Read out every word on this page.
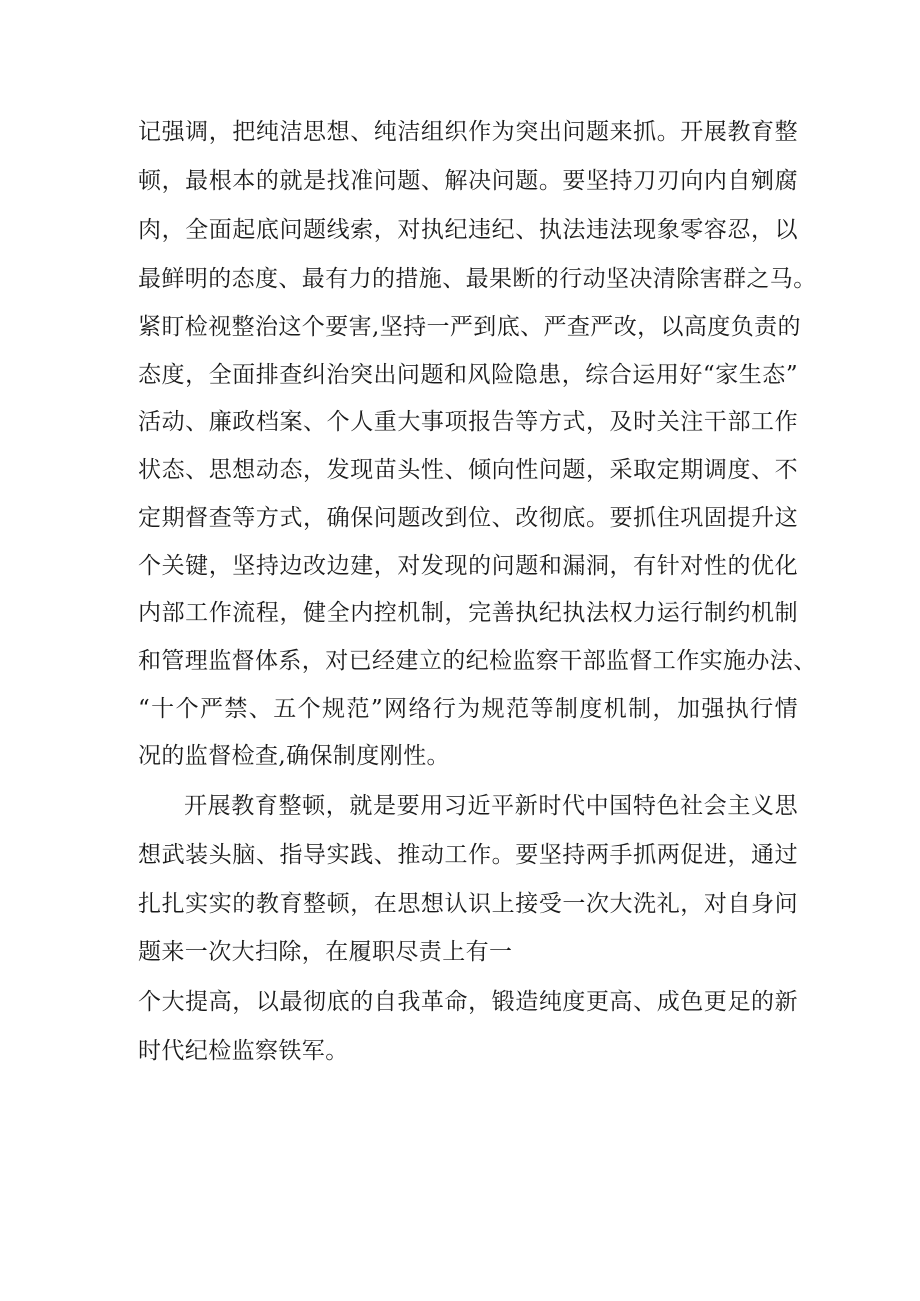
记强调，把纯洁思想、纯洁组织作为突出问题来抓。开展教育整
顿，最根本的就是找准问题、解决问题。要坚持刀刃向内自剜腐
肉，全面起底问题线索，对执纪违纪、执法违法现象零容忍，以
最鲜明的态度、最有力的措施、最果断的行动坚决清除害群之马。
紧盯检视整治这个要害,坚持一严到底、严查严改，以高度负责的
态度，全面排查纠治突出问题和风险隐患，综合运用好“家生态”
活动、廉政档案、个人重大事项报告等方式，及时关注干部工作
状态、思想动态，发现苗头性、倾向性问题，采取定期调度、不
定期督查等方式，确保问题改到位、改彻底。要抓住巩固提升这
个关键，坚持边改边建，对发现的问题和漏洞，有针对性的优化
内部工作流程，健全内控机制，完善执纪执法权力运行制约机制
和管理监督体系，对已经建立的纪检监察干部监督工作实施办法、
“十个严禁、五个规范”网络行为规范等制度机制，加强执行情
况的监督检查,确保制度刚性。
开展教育整顿，就是要用习近平新时代中国特色社会主义思
想武装头脑、指导实践、推动工作。要坚持两手抓两促进，通过
扎扎实实的教育整顿，在思想认识上接受一次大洗礼，对自身问
题来一次大扫除，在履职尽责上有一
个大提高，以最彻底的自我革命，锻造纯度更高、成色更足的新
时代纪检监察铁军。
